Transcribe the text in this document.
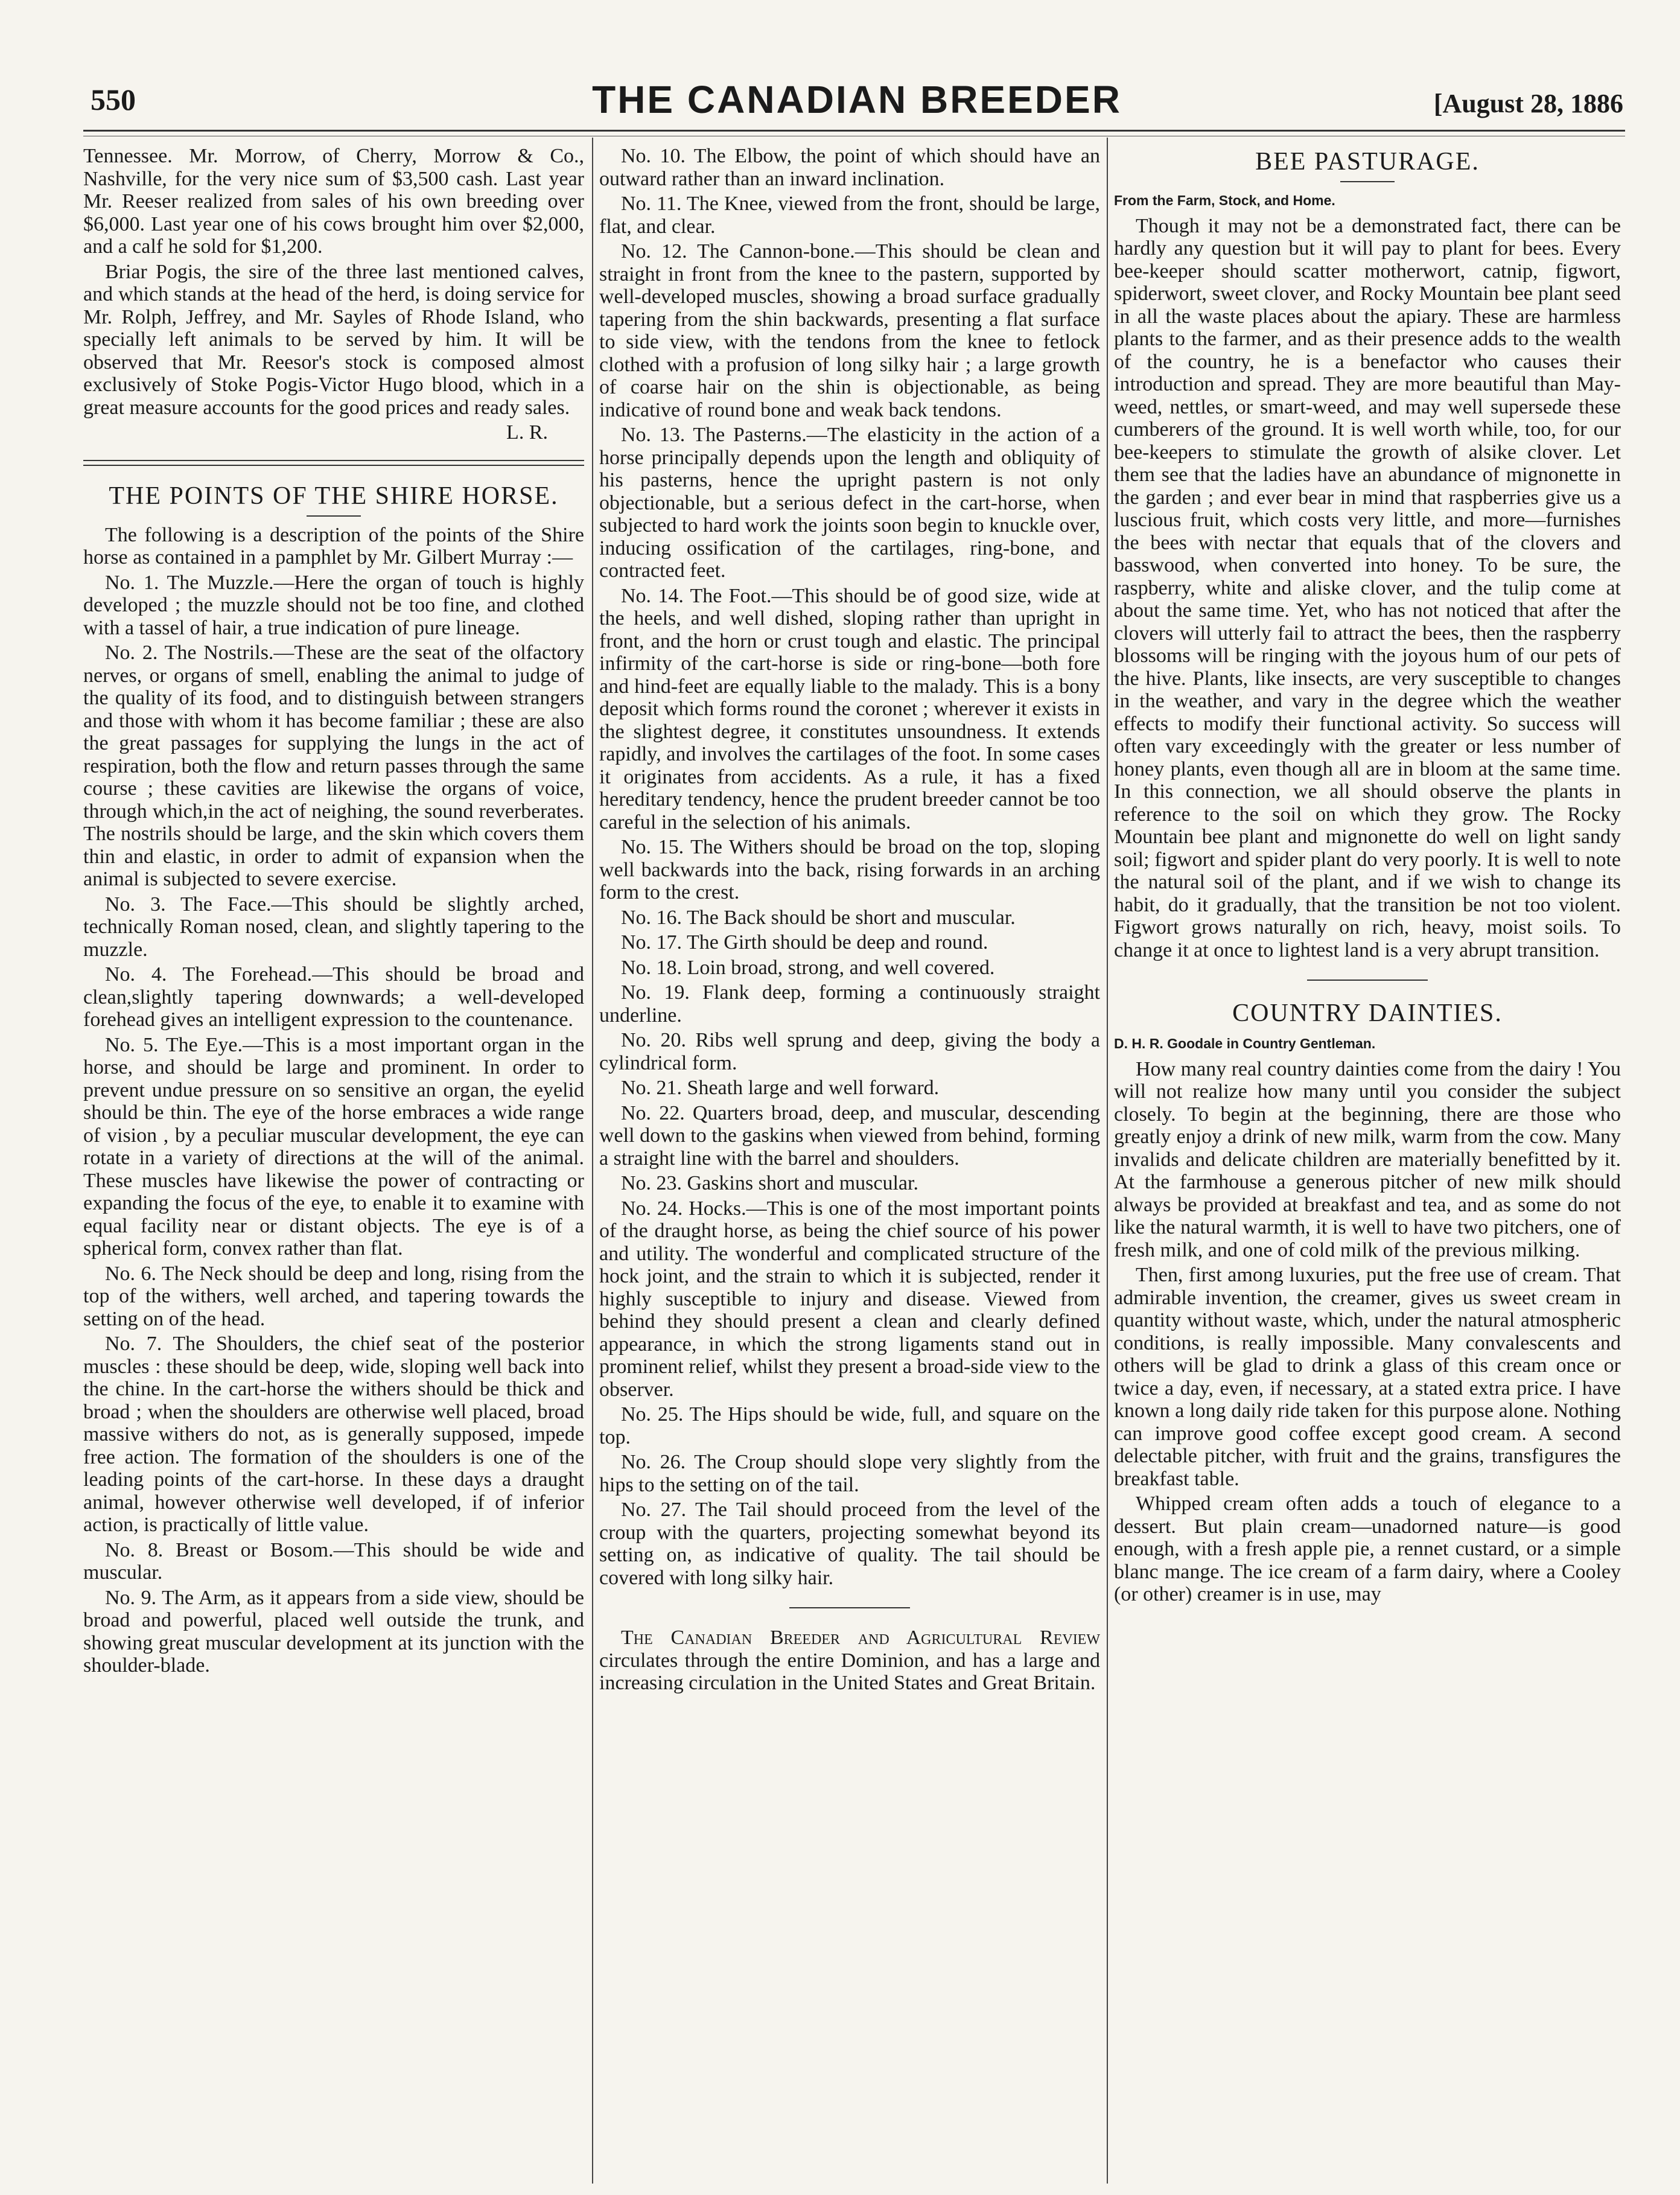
550	THE CANADIAN BREEDER	[August 28, 1886

Tennessee. Mr. Morrow, of Cherry, Morrow & Co., Nashville, for the very nice sum of $3,500 cash. Last year Mr. Reeser realized from sales of his own breeding over $6,000. Last year one of his cows brought him over $2,000, and a calf he sold for $1,200.

Briar Pogis, the sire of the three last mentioned calves, and which stands at the head of the herd, is doing service for Mr. Rolph, Jeffrey, and Mr. Sayles of Rhode Island, who specially left animals to be served by him. It will be observed that Mr. Reesor's stock is composed almost exclusively of Stoke Pogis-Victor Hugo blood, which in a great measure accounts for the good prices and ready sales.

L. R.

THE POINTS OF THE SHIRE HORSE.

The following is a description of the points of the Shire horse as contained in a pamphlet by Mr. Gilbert Murray :—

No. 1. The Muzzle.—Here the organ of touch is highly developed ; the muzzle should not be too fine, and clothed with a tassel of hair, a true indication of pure lineage.

No. 2. The Nostrils.—These are the seat of the olfactory nerves, or organs of smell, enabling the animal to judge of the quality of its food, and to distinguish between strangers and those with whom it has become familiar ; these are also the great passages for supplying the lungs in the act of respiration, both the flow and return passes through the same course ; these cavities are likewise the organs of voice, through which,in the act of neighing, the sound reverberates. The nostrils should be large, and the skin which covers them thin and elastic, in order to admit of expansion when the animal is subjected to severe exercise.

No. 3. The Face.—This should be slightly arched, technically Roman nosed, clean, and slightly tapering to the muzzle.

No. 4. The Forehead.—This should be broad and clean,slightly tapering downwards; a well-developed forehead gives an intelligent expression to the countenance.

No. 5. The Eye.—This is a most important organ in the horse, and should be large and prominent. In order to prevent undue pressure on so sensitive an organ, the eyelid should be thin. The eye of the horse embraces a wide range of vision , by a peculiar muscular development, the eye can rotate in a variety of directions at the will of the animal. These muscles have likewise the power of contracting or expanding the focus of the eye, to enable it to examine with equal facility near or distant objects. The eye is of a spherical form, convex rather than flat.

No. 6. The Neck should be deep and long, rising from the top of the withers, well arched, and tapering towards the setting on of the head.

No. 7. The Shoulders, the chief seat of the posterior muscles : these should be deep, wide, sloping well back into the chine. In the cart-horse the withers should be thick and broad ; when the shoulders are otherwise well placed, broad massive withers do not, as is generally supposed, impede free action. The formation of the shoulders is one of the leading points of the cart-horse. In these days a draught animal, however otherwise well developed, if of inferior action, is practically of little value.

No. 8. Breast or Bosom.—This should be wide and muscular.

No. 9. The Arm, as it appears from a side view, should be broad and powerful, placed well outside the trunk, and showing great muscular development at its junction with the shoulder-blade.

No. 10. The Elbow, the point of which should have an outward rather than an inward inclination.

No. 11. The Knee, viewed from the front, should be large, flat, and clear.

No. 12. The Cannon-bone.—This should be clean and straight in front from the knee to the pastern, supported by well-developed muscles, showing a broad surface gradually tapering from the shin backwards, presenting a flat surface to side view, with the tendons from the knee to fetlock clothed with a profusion of long silky hair ; a large growth of coarse hair on the shin is objectionable, as being indicative of round bone and weak back tendons.

No. 13. The Pasterns.—The elasticity in the action of a horse principally depends upon the length and obliquity of his pasterns, hence the upright pastern is not only objectionable, but a serious defect in the cart-horse, when subjected to hard work the joints soon begin to knuckle over, inducing ossification of the cartilages, ring-bone, and contracted feet.

No. 14. The Foot.—This should be of good size, wide at the heels, and well dished, sloping rather than upright in front, and the horn or crust tough and elastic. The principal infirmity of the cart-horse is side or ring-bone—both fore and hind-feet are equally liable to the malady. This is a bony deposit which forms round the coronet ; wherever it exists in the slightest degree, it constitutes unsoundness. It extends rapidly, and involves the cartilages of the foot. In some cases it originates from accidents. As a rule, it has a fixed hereditary tendency, hence the prudent breeder cannot be too careful in the selection of his animals.

No. 15. The Withers should be broad on the top, sloping well backwards into the back, rising forwards in an arching form to the crest.

No. 16. The Back should be short and muscular.

No. 17. The Girth should be deep and round.

No. 18. Loin broad, strong, and well covered.

No. 19. Flank deep, forming a continuously straight underline.

No. 20. Ribs well sprung and deep, giving the body a cylindrical form.

No. 21. Sheath large and well forward.

No. 22. Quarters broad, deep, and muscular, descending well down to the gaskins when viewed from behind, forming a straight line with the barrel and shoulders.

No. 23. Gaskins short and muscular.

No. 24. Hocks.—This is one of the most important points of the draught horse, as being the chief source of his power and utility. The wonderful and complicated structure of the hock joint, and the strain to which it is subjected, render it highly susceptible to injury and disease. Viewed from behind they should present a clean and clearly defined appearance, in which the strong ligaments stand out in prominent relief, whilst they present a broad-side view to the observer.

No. 25. The Hips should be wide, full, and square on the top.

No. 26. The Croup should slope very slightly from the hips to the setting on of the tail.

No. 27. The Tail should proceed from the level of the croup with the quarters, projecting somewhat beyond its setting on, as indicative of quality. The tail should be covered with long silky hair.

The Canadian Breeder and Agricultural Review circulates through the entire Dominion, and has a large and increasing circulation in the United States and Great Britain.

BEE PASTURAGE.

From the Farm, Stock, and Home.

Though it may not be a demonstrated fact, there can be hardly any question but it will pay to plant for bees. Every bee-keeper should scatter motherwort, catnip, figwort, spiderwort, sweet clover, and Rocky Mountain bee plant seed in all the waste places about the apiary. These are harmless plants to the farmer, and as their presence adds to the wealth of the country, he is a benefactor who causes their introduction and spread. They are more beautiful than May-weed, nettles, or smart-weed, and may well supersede these cumberers of the ground. It is well worth while, too, for our bee-keepers to stimulate the growth of alsike clover. Let them see that the ladies have an abundance of mignonette in the garden ; and ever bear in mind that raspberries give us a luscious fruit, which costs very little, and more—furnishes the bees with nectar that equals that of the clovers and basswood, when converted into honey. To be sure, the raspberry, white and aliske clover, and the tulip come at about the same time. Yet, who has not noticed that after the clovers will utterly fail to attract the bees, then the raspberry blossoms will be ringing with the joyous hum of our pets of the hive. Plants, like insects, are very susceptible to changes in the weather, and vary in the degree which the weather effects to modify their functional activity. So success will often vary exceedingly with the greater or less number of honey plants, even though all are in bloom at the same time. In this connection, we all should observe the plants in reference to the soil on which they grow. The Rocky Mountain bee plant and mignonette do well on light sandy soil; figwort and spider plant do very poorly. It is well to note the natural soil of the plant, and if we wish to change its habit, do it gradually, that the transition be not too violent. Figwort grows naturally on rich, heavy, moist soils. To change it at once to lightest land is a very abrupt transition.

COUNTRY DAINTIES.

D. H. R. Goodale in Country Gentleman.

How many real country dainties come from the dairy ! You will not realize how many until you consider the subject closely. To begin at the beginning, there are those who greatly enjoy a drink of new milk, warm from the cow. Many invalids and delicate children are materially benefitted by it. At the farmhouse a generous pitcher of new milk should always be provided at breakfast and tea, and as some do not like the natural warmth, it is well to have two pitchers, one of fresh milk, and one of cold milk of the previous milking.

Then, first among luxuries, put the free use of cream. That admirable invention, the creamer, gives us sweet cream in quantity without waste, which, under the natural atmospheric conditions, is really impossible. Many convalescents and others will be glad to drink a glass of this cream once or twice a day, even, if necessary, at a stated extra price. I have known a long daily ride taken for this purpose alone. Nothing can improve good coffee except good cream. A second delectable pitcher, with fruit and the grains, transfigures the breakfast table.

Whipped cream often adds a touch of elegance to a dessert. But plain cream—unadorned nature—is good enough, with a fresh apple pie, a rennet custard, or a simple blanc mange. The ice cream of a farm dairy, where a Cooley (or other) creamer is in use, may
